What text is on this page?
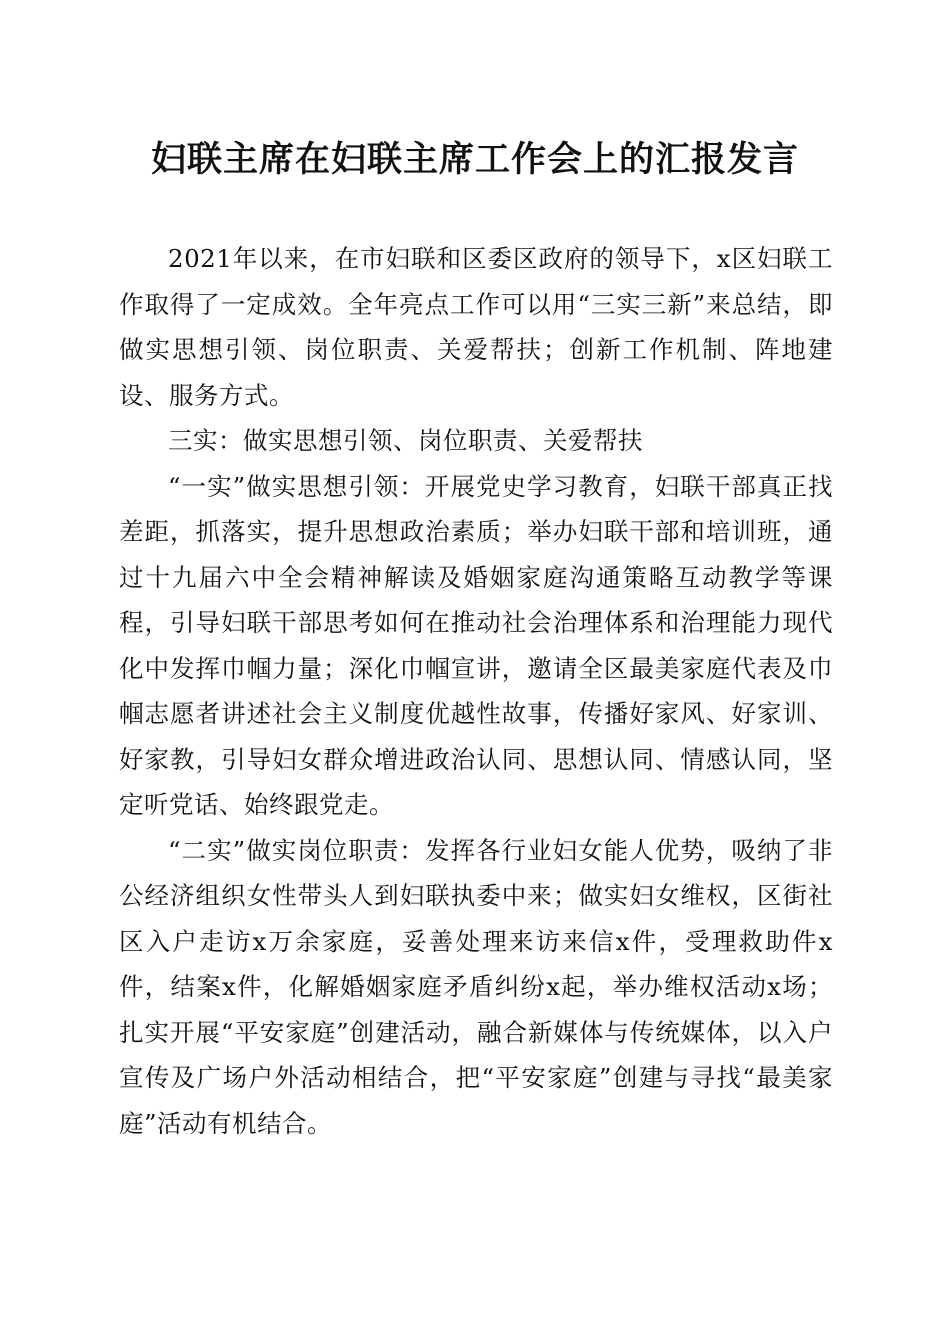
妇联主席在妇联主席工作会上的汇报发言

2021年以来，在市妇联和区委区政府的领导下，x区妇联工作取得了一定成效。全年亮点工作可以用“三实三新”来总结，即做实思想引领、岗位职责、关爱帮扶；创新工作机制、阵地建设、服务方式。

三实：做实思想引领、岗位职责、关爱帮扶

“一实”做实思想引领：开展党史学习教育，妇联干部真正找差距，抓落实，提升思想政治素质；举办妇联干部和培训班，通过十九届六中全会精神解读及婚姻家庭沟通策略互动教学等课程，引导妇联干部思考如何在推动社会治理体系和治理能力现代化中发挥巾帼力量；深化巾帼宣讲，邀请全区最美家庭代表及巾帼志愿者讲述社会主义制度优越性故事，传播好家风、好家训、好家教，引导妇女群众增进政治认同、思想认同、情感认同，坚定听党话、始终跟党走。

“二实”做实岗位职责：发挥各行业妇女能人优势，吸纳了非公经济组织女性带头人到妇联执委中来；做实妇女维权，区街社区入户走访x万余家庭，妥善处理来访来信x件，受理救助件x件，结案x件，化解婚姻家庭矛盾纠纷x起，举办维权活动x场；扎实开展“平安家庭”创建活动，融合新媒体与传统媒体，以入户宣传及广场户外活动相结合，把“平安家庭”创建与寻找“最美家庭”活动有机结合。
